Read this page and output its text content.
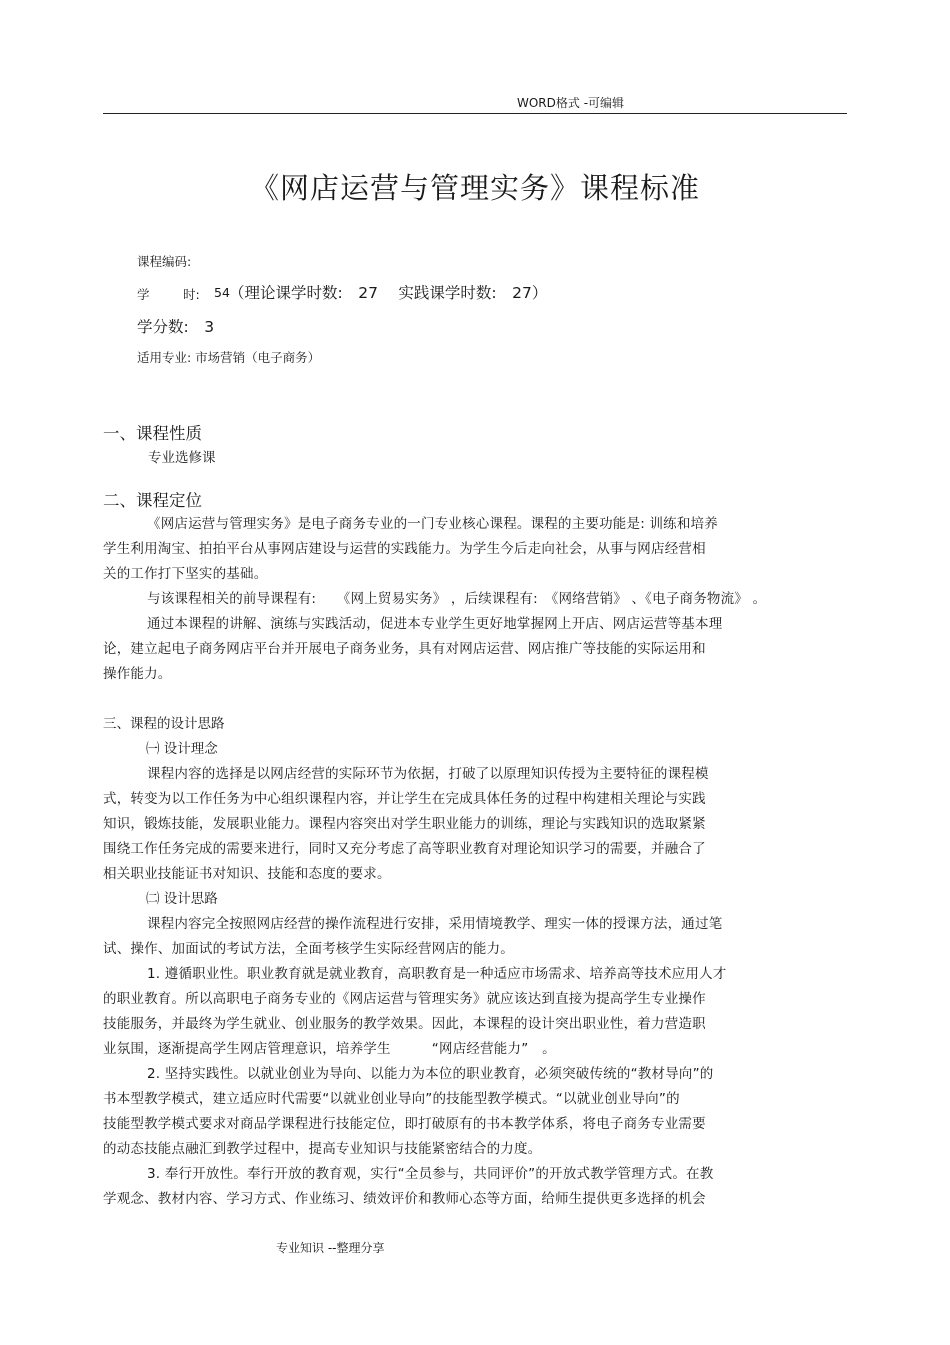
WORD格式 -可编辑
《网店运营与管理实务》课程标准
课程编码:
学	时: 54 （理论课学时数:　27　 实践课学时数:　27）
学分数:　3
适用专业: 市场营销（电子商务）
一、课程性质
专业选修课
二、课程定位
《网店运营与管理实务》是电子商务专业的一门专业核心课程。课程的主要功能是: 训练和培养
学生利用淘宝、拍拍平台从事网店建设与运营的实践能力。为学生今后走向社会，从事与网店经营相
关的工作打下坚实的基础。
与该课程相关的前导课程有:　　《网上贸易实务》 ，后续课程有:　《网络营销》 、《电子商务物流》 。
通过本课程的讲解、演练与实践活动，促进本专业学生更好地掌握网上开店、网店运营等基本理
论，建立起电子商务网店平台并开展电子商务业务，具有对网店运营、网店推广等技能的实际运用和
操作能力。
三、课程的设计思路
㈠ 设计理念
课程内容的选择是以网店经营的实际环节为依据，打破了以原理知识传授为主要特征的课程模
式，转变为以工作任务为中心组织课程内容，并让学生在完成具体任务的过程中构建相关理论与实践
知识，锻炼技能，发展职业能力。课程内容突出对学生职业能力的训练，理论与实践知识的选取紧紧
围绕工作任务完成的需要来进行，同时又充分考虑了高等职业教育对理论知识学习的需要，并融合了
相关职业技能证书对知识、技能和态度的要求。
㈡ 设计思路
课程内容完全按照网店经营的操作流程进行安排，采用情境教学、理实一体的授课方法，通过笔
试、操作、加面试的考试方法，全面考核学生实际经营网店的能力。
1. 遵循职业性。职业教育就是就业教育，高职教育是一种适应市场需求、培养高等技术应用人才
的职业教育。所以高职电子商务专业的《网店运营与管理实务》就应该达到直接为提高学生专业操作
技能服务，并最终为学生就业、创业服务的教学效果。因此，本课程的设计突出职业性，着力营造职
业氛围，逐渐提高学生网店管理意识，培养学生　　　“网店经营能力”　。
2. 坚持实践性。以就业创业为导向、以能力为本位的职业教育，必须突破传统的“教材导向”的
书本型教学模式，建立适应时代需要“以就业创业导向”的技能型教学模式。“以就业创业导向”的
技能型教学模式要求对商品学课程进行技能定位，即打破原有的书本教学体系，将电子商务专业需要
的动态技能点融汇到教学过程中，提高专业知识与技能紧密结合的力度。
3. 奉行开放性。奉行开放的教育观，实行“全员参与，共同评价”的开放式教学管理方式。在教
学观念、教材内容、学习方式、作业练习、绩效评价和教师心态等方面，给师生提供更多选择的机会
专业知识 --整理分享
